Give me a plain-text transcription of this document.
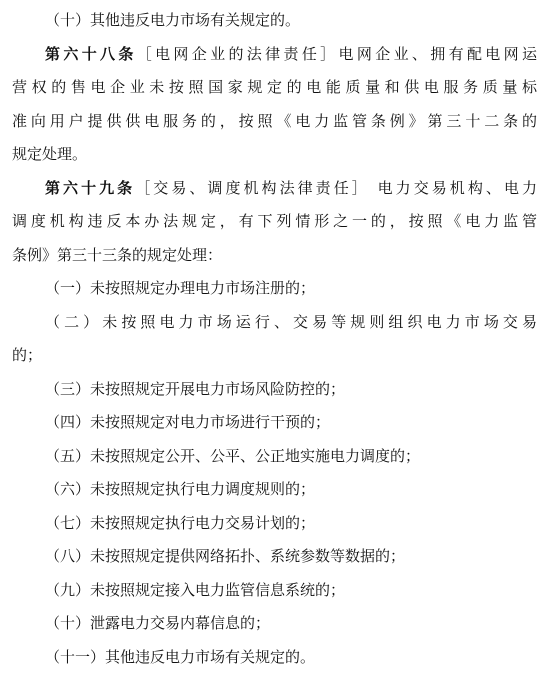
（十）其他违反电力市场有关规定的。
第六十八条［电网企业的法律责任］电网企业、拥有配电网运
营权的售电企业未按照国家规定的电能质量和供电服务质量标
准向用户提供供电服务的，按照《电力监管条例》第三十二条的
规定处理。
第六十九条［交易、调度机构法律责任］ 电力交易机构、电力
调度机构违反本办法规定，有下列情形之一的，按照《电力监管
条例》第三十三条的规定处理：
（一）未按照规定办理电力市场注册的；
（二）未按照电力市场运行、交易等规则组织电力市场交易
的；
（三）未按照规定开展电力市场风险防控的；
（四）未按照规定对电力市场进行干预的；
（五）未按照规定公开、公平、公正地实施电力调度的；
（六）未按照规定执行电力调度规则的；
（七）未按照规定执行电力交易计划的；
（八）未按照规定提供网络拓扑、系统参数等数据的；
（九）未按照规定接入电力监管信息系统的；
（十）泄露电力交易内幕信息的；
（十一）其他违反电力市场有关规定的。
